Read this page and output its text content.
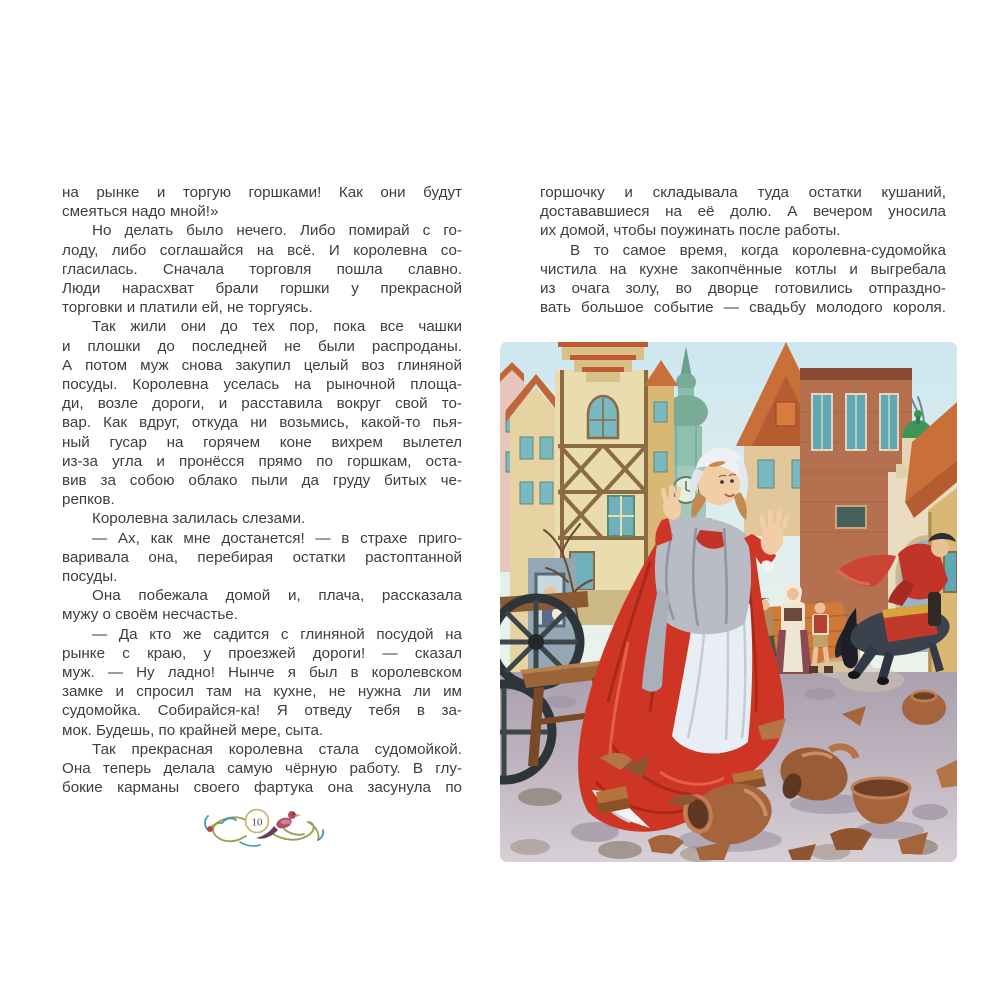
на рынке и торгую горшками! Как они будут
смеяться надо мной!»
Но делать было нечего. Либо помирай с го-
лоду, либо соглашайся на всё. И королевна со-
гласилась. Сначала торговля пошла славно.
Люди нарасхват брали горшки у прекрасной
торговки и платили ей, не торгуясь.
Так жили они до тех пор, пока все чашки
и плошки до последней не были распроданы.
А потом муж снова закупил целый воз глиняной
посуды. Королевна уселась на рыночной площа-
ди, возле дороги, и расставила вокруг свой то-
вар. Как вдруг, откуда ни возьмись, какой-то пья-
ный гусар на горячем коне вихрем вылетел
из-за угла и пронёсся прямо по горшкам, оста-
вив за собою облако пыли да груду битых че-
репков.
Королевна залилась слезами.
— Ах, как мне достанется! — в страхе приго-
варивала она, перебирая остатки растоптанной
посуды.
Она побежала домой и, плача, рассказала
мужу о своём несчастье.
— Да кто же садится с глиняной посудой на
рынке с краю, у проезжей дороги! — сказал
муж. — Ну ладно! Нынче я был в королевском
замке и спросил там на кухне, не нужна ли им
судомойка. Собирайся-ка! Я отведу тебя в за-
мок. Будешь, по крайней мере, сыта.
Так прекрасная королевна стала судомойкой.
Она теперь делала самую чёрную работу. В глу-
бокие карманы своего фартука она засунула по
10
горшочку и складывала туда остатки кушаний,
достававшиеся на её долю. А вечером уносила
их домой, чтобы поужинать после работы.
В то самое время, когда королевна-судомойка
чистила на кухне закопчённые котлы и выгребала
из очага золу, во дворце готовились отпраздно-
вать большое событие — свадьбу молодого короля.
